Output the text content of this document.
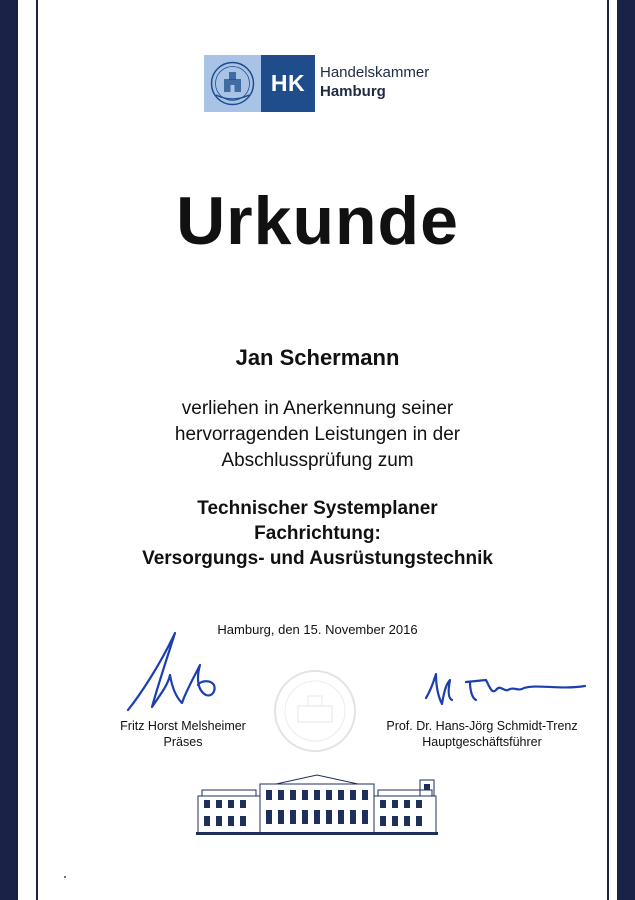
HK Handelskammer
Hamburg
Urkunde
Jan Schermann
verliehen in Anerkennung seiner
hervorragenden Leistungen in der
Abschlussprüfung zum
Technischer Systemplaner
Fachrichtung:
Versorgungs- und Ausrüstungstechnik
Hamburg, den 15. November 2016
Fritz Horst Melsheimer
Präses
Prof. Dr. Hans-Jörg Schmidt-Trenz
Hauptgeschäftsführer
